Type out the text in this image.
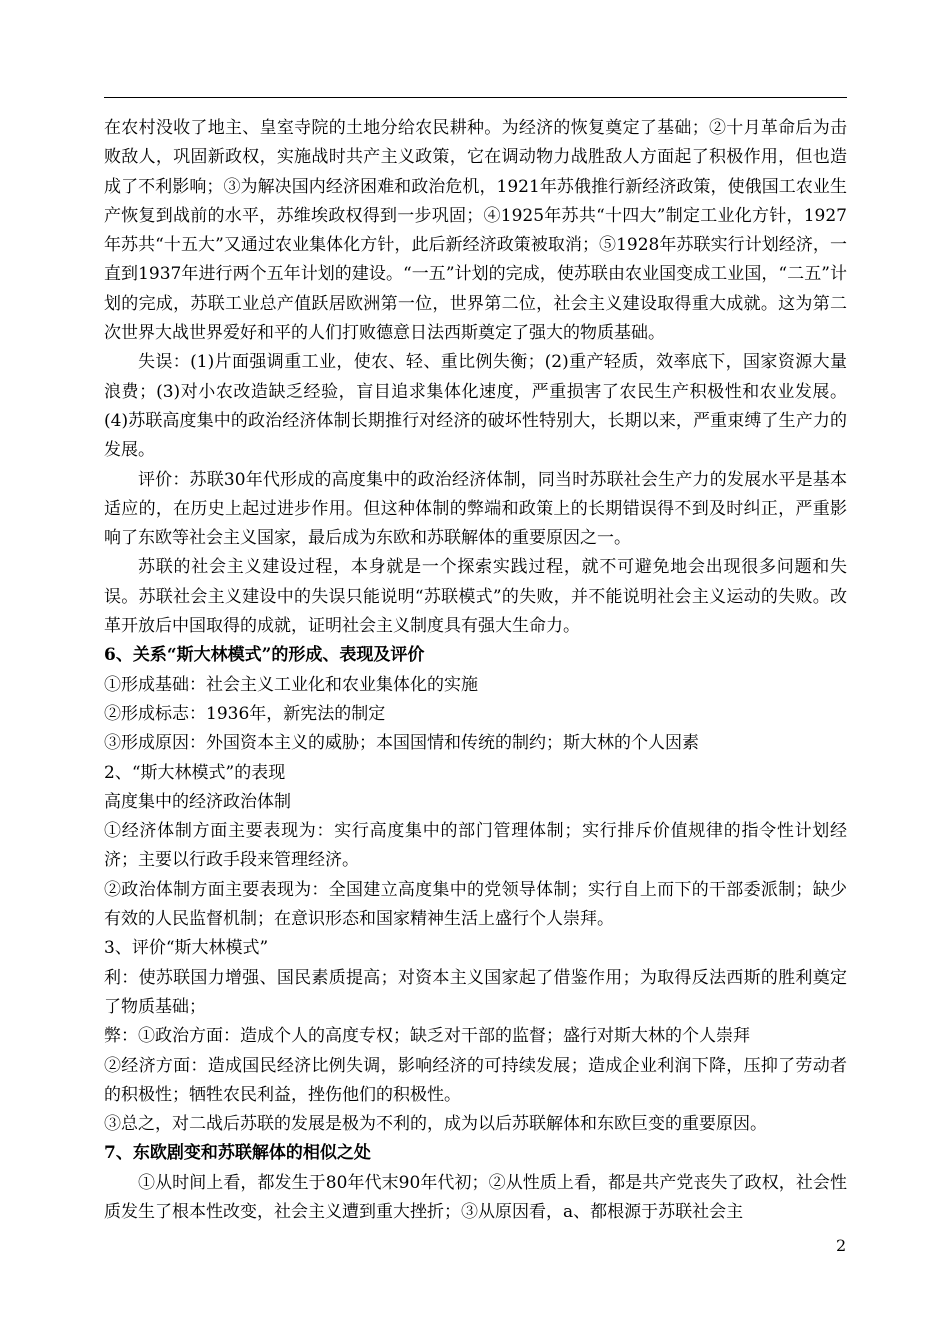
在农村没收了地主、皇室寺院的土地分给农民耕种。为经济的恢复奠定了基础；②十月革命后为击败敌人，巩固新政权，实施战时共产主义政策，它在调动物力战胜敌人方面起了积极作用，但也造成了不利影响；③为解决国内经济困难和政治危机，1921年苏俄推行新经济政策，使俄国工农业生产恢复到战前的水平，苏维埃政权得到一步巩固；④1925年苏共“十四大”制定工业化方针，1927年苏共“十五大”又通过农业集体化方针，此后新经济政策被取消；⑤1928年苏联实行计划经济，一直到1937年进行两个五年计划的建设。“一五”计划的完成，使苏联由农业国变成工业国，“二五”计划的完成，苏联工业总产值跃居欧洲第一位，世界第二位，社会主义建设取得重大成就。这为第二次世界大战世界爱好和平的人们打败德意日法西斯奠定了强大的物质基础。

失误：(1)片面强调重工业，使农、轻、重比例失衡；(2)重产轻质，效率底下，国家资源大量浪费；(3)对小农改造缺乏经验，盲目追求集体化速度，严重损害了农民生产积极性和农业发展。(4)苏联高度集中的政治经济体制长期推行对经济的破坏性特别大，长期以来，严重束缚了生产力的发展。

评价：苏联30年代形成的高度集中的政治经济体制，同当时苏联社会生产力的发展水平是基本适应的，在历史上起过进步作用。但这种体制的弊端和政策上的长期错误得不到及时纠正，严重影响了东欧等社会主义国家，最后成为东欧和苏联解体的重要原因之一。

苏联的社会主义建设过程，本身就是一个探索实践过程，就不可避免地会出现很多问题和失误。苏联社会主义建设中的失误只能说明“苏联模式”的失败，并不能说明社会主义运动的失败。改革开放后中国取得的成就，证明社会主义制度具有强大生命力。

6、关系“斯大林模式”的形成、表现及评价

①形成基础：社会主义工业化和农业集体化的实施

②形成标志：1936年，新宪法的制定

③形成原因：外国资本主义的威胁；本国国情和传统的制约；斯大林的个人因素

2、“斯大林模式”的表现

高度集中的经济政治体制

①经济体制方面主要表现为：实行高度集中的部门管理体制；实行排斥价值规律的指令性计划经济；主要以行政手段来管理经济。

②政治体制方面主要表现为：全国建立高度集中的党领导体制；实行自上而下的干部委派制；缺少有效的人民监督机制；在意识形态和国家精神生活上盛行个人崇拜。

3、评价“斯大林模式”

利：使苏联国力增强、国民素质提高；对资本主义国家起了借鉴作用；为取得反法西斯的胜利奠定了物质基础；

弊：①政治方面：造成个人的高度专权；缺乏对干部的监督；盛行对斯大林的个人崇拜

②经济方面：造成国民经济比例失调，影响经济的可持续发展；造成企业利润下降，压抑了劳动者的积极性；牺牲农民利益，挫伤他们的积极性。

③总之，对二战后苏联的发展是极为不利的，成为以后苏联解体和东欧巨变的重要原因。

7、东欧剧变和苏联解体的相似之处

①从时间上看，都发生于80年代末90年代初；②从性质上看，都是共产党丧失了政权，社会性质发生了根本性改变，社会主义遭到重大挫折；③从原因看，a、都根源于苏联社会主

2
